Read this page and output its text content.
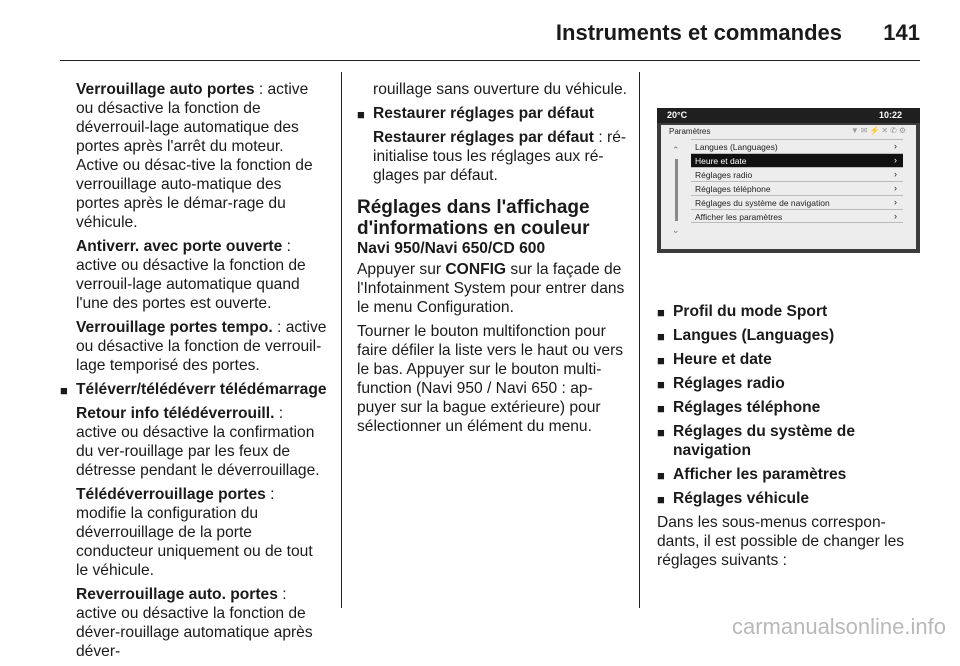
Instruments et commandes 141

Verrouillage auto portes : active ou désactive la fonction de déverrouil-lage automatique des portes après l'arrêt du moteur. Active ou désac-tive la fonction de verrouillage auto-matique des portes après le démar-rage du véhicule.

Antiverr. avec porte ouverte : active ou désactive la fonction de verrouil-lage automatique quand l'une des portes est ouverte.

Verrouillage portes tempo. : active ou désactive la fonction de verrouil-lage temporisé des portes.

■ Téléverr/télédéverr télédémarrage

Retour info télédéverrouill. : active ou désactive la confirmation du ver-rouillage par les feux de détresse pendant le déverrouillage.

Télédéverrouillage portes : modifie la configuration du déverrouillage de la porte conducteur uniquement ou de tout le véhicule.

Reverrouillage auto. portes : active ou désactive la fonction de déver-rouillage automatique après déver-

rouillage sans ouverture du véhicule.

■ Restaurer réglages par défaut

Restaurer réglages par défaut : ré-initialise tous les réglages aux ré-glages par défaut.

Réglages dans l'affichage d'informations en couleur
Navi 950/Navi 650/CD 600

Appuyer sur CONFIG sur la façade de l'Infotainment System pour entrer dans le menu Configuration.

Tourner le bouton multifonction pour faire défiler la liste vers le haut ou vers le bas. Appuyer sur le bouton multi-function (Navi 950 / Navi 650 : ap-puyer sur la bague extérieure) pour sélectionner un élément du menu.

20°C	10:22
Paramètres	▼✉⚡✕✆⚙
⌃
⌄
Langues (Languages)	›
Heure et date	›
Réglages radio	›
Réglages téléphone	›
Réglages du système de navigation	›
Afficher les paramètres	›
■ Profil du mode Sport
■ Langues (Languages)
■ Heure et date
■ Réglages radio
■ Réglages téléphone
■ Réglages du système de navigation
■ Afficher les paramètres
■ Réglages véhicule

Dans les sous-menus correspon-dants, il est possible de changer les réglages suivants :

carmanualsonline.info
